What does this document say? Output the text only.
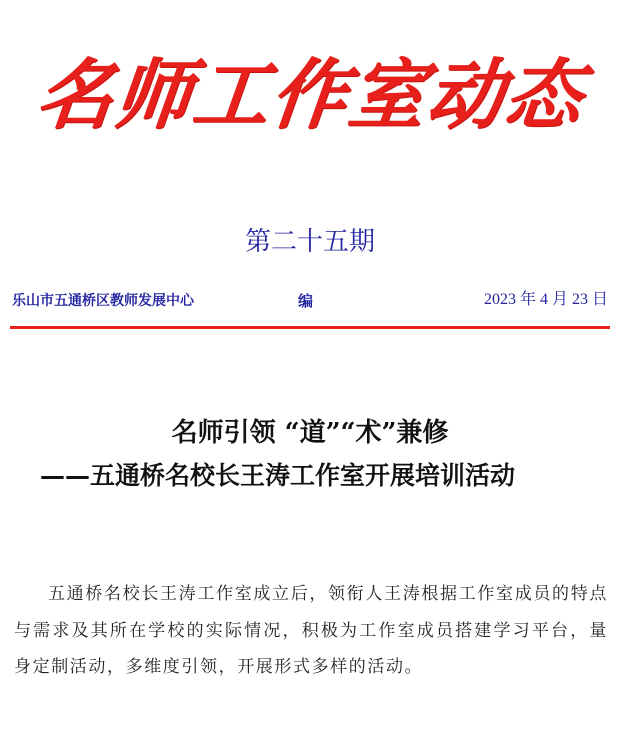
名师工作室动态
第二十五期
乐山市五通桥区教师发展中心	编	2023 年 4 月 23 日
名师引领 “道”“术”兼修
——五通桥名校长王涛工作室开展培训活动
五通桥名校长王涛工作室成立后，领衔人王涛根据工作室成员的特点与需求及其所在学校的实际情况，积极为工作室成员搭建学习平台，量身定制活动，多维度引领，开展形式多样的活动。
